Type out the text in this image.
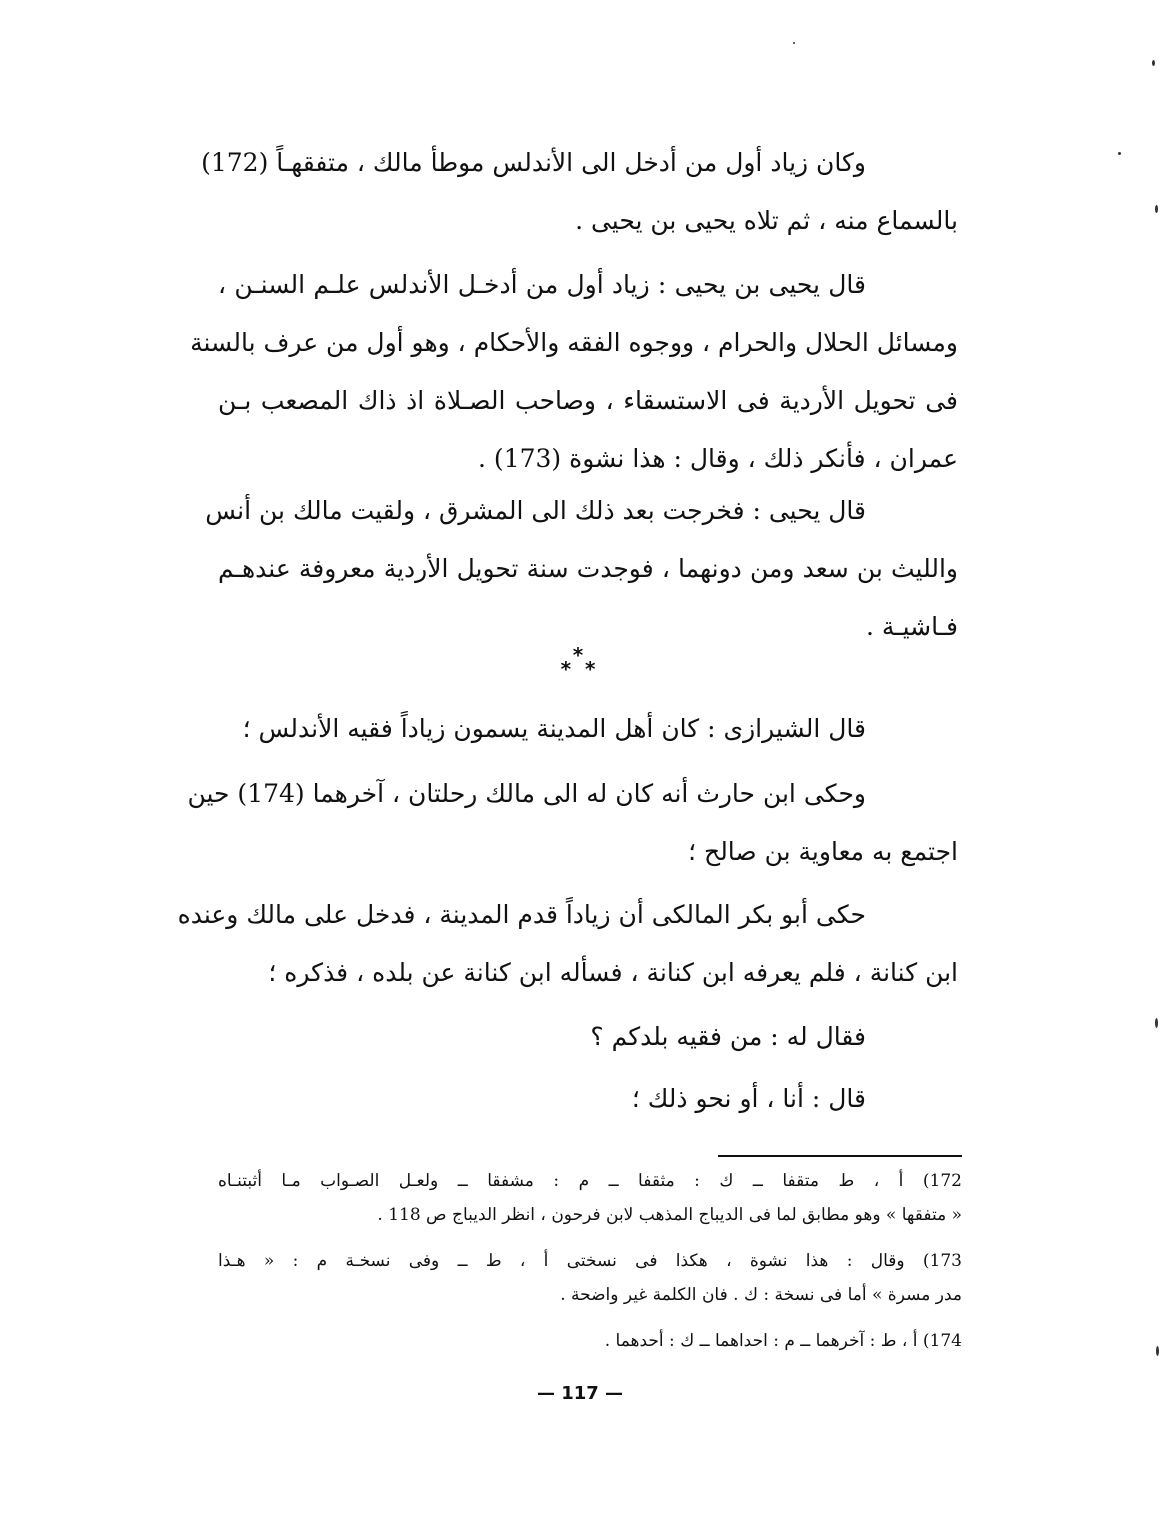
وكان زياد أول من أدخل الى الأندلس موطأ مالك ، متفقهـاً (172)
بالسماع منه ، ثم تلاه يحيى بن يحيى .
قال يحيى بن يحيى : زياد أول من أدخـل الأندلس علـم السنـن ،
ومسائل الحلال والحرام ، ووجوه الفقه والأحكام ، وهو أول من عرف بالسنة
فى تحويل الأردية فى الاستسقاء ، وصاحب الصـلاة اذ ذاك المصعب بـن
عمران ، فأنكر ذلك ، وقال : هذا نشوة (173) .
قال يحيى : فخرجت بعد ذلك الى المشرق ، ولقيت مالك بن أنس
والليث بن سعد ومن دونهما ، فوجدت سنة تحويل الأردية معروفة عندهـم
فـاشيـة .
*
* *
قال الشيرازى : كان أهل المدينة يسمون زياداً فقيه الأندلس ؛
وحكى ابن حارث أنه كان له الى مالك رحلتان ، آخرهما (174) حين
اجتمع به معاوية بن صالح ؛
حكى أبو بكر المالكى أن زياداً قدم المدينة ، فدخل على مالك وعنده
ابن كنانة ، فلم يعرفه ابن كنانة ، فسأله ابن كنانة عن بلده ، فذكره ؛
فقال له : من فقيه بلدكم ؟
قال : أنا ، أو نحو ذلك ؛
172) أ ، ط متقفا ــ ك : مثقفا ــ م : مشفقا ــ ولعـل الصـواب مـا أثبتنـاه
« متفقها » وهو مطابق لما فى الديباج المذهب لابن فرحون ، انظر الديباج ص 118 .
173) وقال : هذا نشوة ، هكذا فى نسختى أ ، ط ــ وفى نسخـة م : « هـذا
مدر مسرة » أما فى نسخة : ك . فان الكلمة غير واضحة .
174) أ ، ط : آخرهما ــ م : احداهما ــ ك : أحدهما .
— 117 —
